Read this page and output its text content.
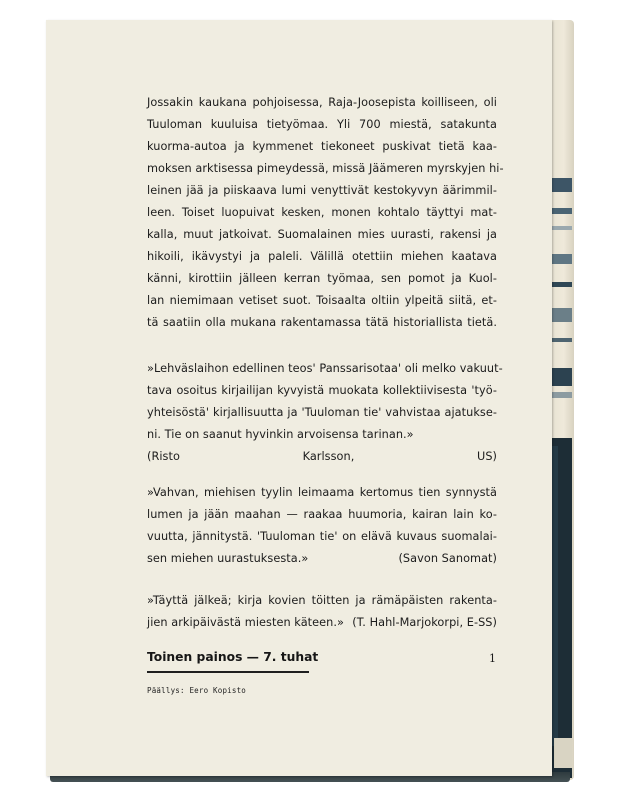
Jossakin kaukana pohjoisessa, Raja-Joosepista koilliseen, oli
Tuuloman kuuluisa tietyömaa. Yli 700 miestä, satakunta
kuorma-autoa ja kymmenet tiekoneet puskivat tietä kaa-
moksen arktisessa pimeydessä, missä Jäämeren myrskyjen hi-
leinen jää ja piiskaava lumi venyttivät kestokyvyn äärimmil-
leen. Toiset luopuivat kesken, monen kohtalo täyttyi mat-
kalla, muut jatkoivat. Suomalainen mies uurasti, rakensi ja
hikoili, ikävystyi ja paleli. Välillä otettiin miehen kaatava
känni, kirottiin jälleen kerran työmaa, sen pomot ja Kuol-
lan niemimaan vetiset suot. Toisaalta oltiin ylpeitä siitä, et-
tä saatiin olla mukana rakentamassa tätä historiallista tietä.
»Lehväslaihon edellinen teos' Panssarisotaa' oli melko vakuut-
tava osoitus kirjailijan kyvyistä muokata kollektiivisesta 'työ-
yhteisöstä' kirjallisuutta ja 'Tuuloman tie' vahvistaa ajatukse-
ni. Tie on saanut hyvinkin arvoisensa tarinan.»
(Risto Karlsson, US)
»Vahvan, miehisen tyylin leimaama kertomus tien synnystä
lumen ja jään maahan — raakaa huumoria, kairan lain ko-
vuutta, jännitystä. 'Tuuloman tie' on elävä kuvaus suomalai-
sen miehen uurastuksesta.»	(Savon Sanomat)
»Täyttä jälkeä; kirja kovien töitten ja rämäpäisten rakenta-
jien arkipäivästä miesten käteen.» (T. Hahl-Marjokorpi, E-SS)
Toinen painos — 7. tuhat	1
Päällys: Eero Kopisto
